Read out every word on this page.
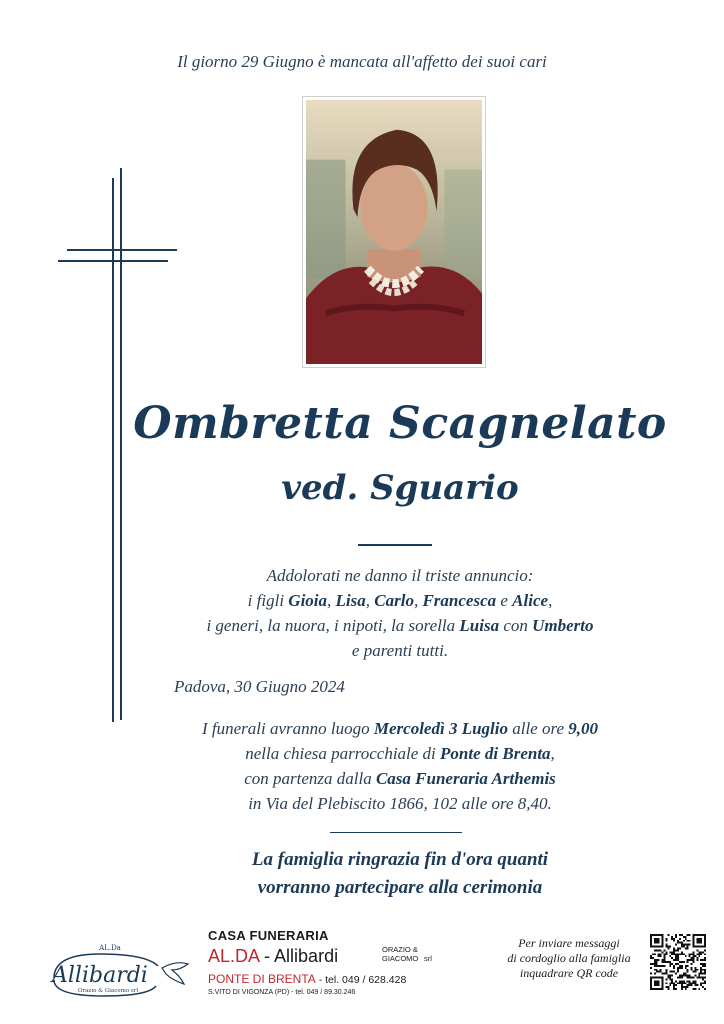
Il giorno 29 Giugno è mancata all'affetto dei suoi cari
Ombretta Scagnelato
ved. Sguario
Addolorati ne danno il triste annuncio:
i figli Gioia, Lisa, Carlo, Francesca e Alice,
i generi, la nuora, i nipoti, la sorella Luisa con Umberto
e parenti tutti.
Padova, 30 Giugno 2024
I funerali avranno luogo Mercoledì 3 Luglio alle ore 9,00
nella chiesa parrocchiale di Ponte di Brenta,
con partenza dalla Casa Funeraria Arthemis
in Via del Plebiscito 1866, 102 alle ore 8,40.
La famiglia ringrazia fin d'ora quanti
vorranno partecipare alla cerimonia
AL.Da
Allibardi
Orazio & Giacomo srl
CASA FUNERARIA
AL.DA - Allibardi	ORAZIO &
GIACOMO srl
PONTE DI BRENTA - tel. 049 / 628.428
S.VITO DI VIGONZA (PD) - tel. 049 / 89.30.246
Per inviare messaggi
di cordoglio alla famiglia
inquadrare QR code
